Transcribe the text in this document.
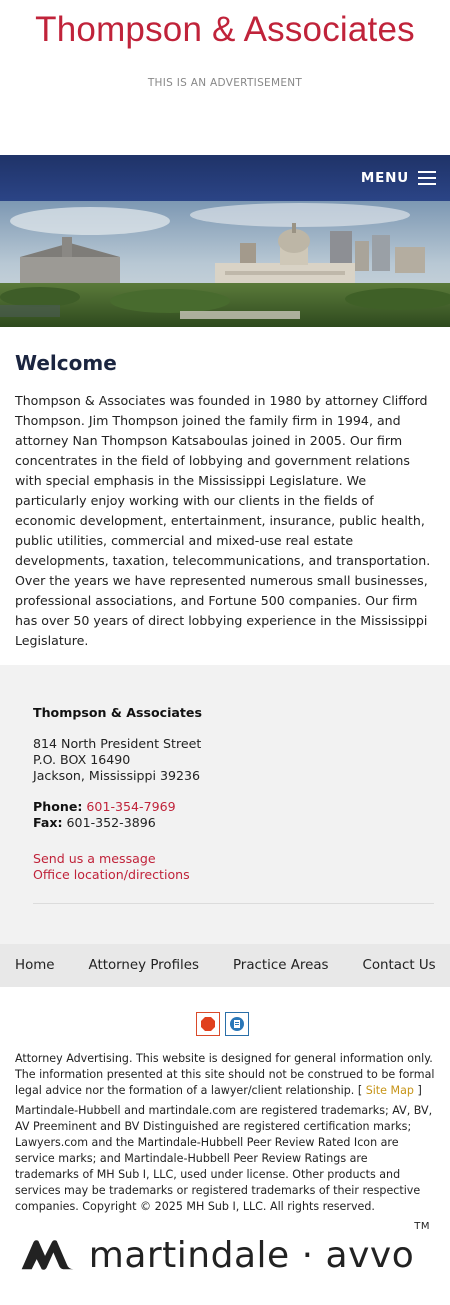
Thompson & Associates
THIS IS AN ADVERTISEMENT
MENU
Welcome

Thompson & Associates was founded in 1980 by attorney Clifford Thompson. Jim Thompson joined the family firm in 1994, and attorney Nan Thompson Katsaboulas joined in 2005. Our firm concentrates in the field of lobbying and government relations with special emphasis in the Mississippi Legislature. We particularly enjoy working with our clients in the fields of economic development, entertainment, insurance, public health, public utilities, commercial and mixed-use real estate developments, taxation, telecommunications, and transportation. Over the years we have represented numerous small businesses, professional associations, and Fortune 500 companies. Our firm has over 50 years of direct lobbying experience in the Mississippi Legislature.

Thompson & Associates
814 North President Street
P.O. BOX 16490
Jackson, Mississippi 39236
Phone: 601-354-7969
Fax: 601-352-3896
Send us a message
Office location/directions
Home	Attorney Profiles	Practice Areas	Contact Us

Attorney Advertising. This website is designed for general information only. The information presented at this site should not be construed to be formal legal advice nor the formation of a lawyer/client relationship. [ Site Map ]

Martindale-Hubbell and martindale.com are registered trademarks; AV, BV, AV Preeminent and BV Distinguished are registered certification marks; Lawyers.com and the Martindale-Hubbell Peer Review Rated Icon are service marks; and Martindale-Hubbell Peer Review Ratings are trademarks of MH Sub I, LLC, used under license. Other products and services may be trademarks or registered trademarks of their respective companies. Copyright © 2025 MH Sub I, LLC. All rights reserved.

martindale · avvo™
